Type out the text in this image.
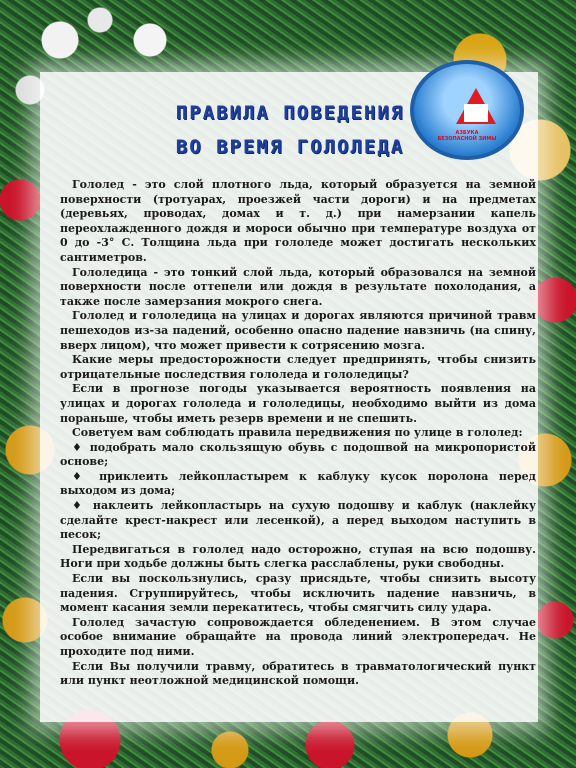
АЗБУКА БЕЗОПАСНОЙ ЗИМЫ
ПРАВИЛА ПОВЕДЕНИЯ
ВО ВРЕМЯ ГОЛОЛЕДА

Гололед - это слой плотного льда, который образуется на земной поверхности (тротуарах, проезжей части дороги) и на предметах (деревьях, проводах, домах и т. д.) при намерзании капель переохлажденного дождя и мороси обычно при температуре воздуха от 0 до -3° С. Толщина льда при гололеде может достигать нескольких сантиметров.

Гололедица - это тонкий слой льда, который образовался на земной поверхности после оттепели или дождя в результате похолодания, а также после замерзания мокрого снега.

Гололед и гололедица на улицах и дорогах являются причиной травм пешеходов из-за падений, особенно опасно падение навзничь (на спину, вверх лицом), что может привести к сотрясению мозга.

Какие меры предосторожности следует предпринять, чтобы снизить отрицательные последствия гололеда и гололедицы?

Если в прогнозе погоды указывается вероятность появления на улицах и дорогах гололеда и гололедицы, необходимо выйти из дома пораньше, чтобы иметь резерв времени и не спешить.

Советуем вам соблюдать правила передвижения по улице в гололед:

♦ подобрать мало скользящую обувь с подошвой на микропористой основе;

♦ приклеить лейкопластырем к каблуку кусок поролона перед выходом из дома;

♦ наклеить лейкопластырь на сухую подошву и каблук (наклейку сделайте крест-накрест или лесенкой), а перед выходом наступить в песок;

Передвигаться в гололед надо осторожно, ступая на всю подошву. Ноги при ходьбе должны быть слегка расслаблены, руки свободны.

Если вы поскользнулись, сразу присядьте, чтобы снизить высоту падения. Сгруппируйтесь, чтобы исключить падение навзничь, в момент касания земли перекатитесь, чтобы смягчить силу удара.

Гололед зачастую сопровождается обледенением. В этом случае особое внимание обращайте на провода линий электропередач. Не проходите под ними.

Если Вы получили травму, обратитесь в травматологический пункт или пункт неотложной медицинской помощи.
